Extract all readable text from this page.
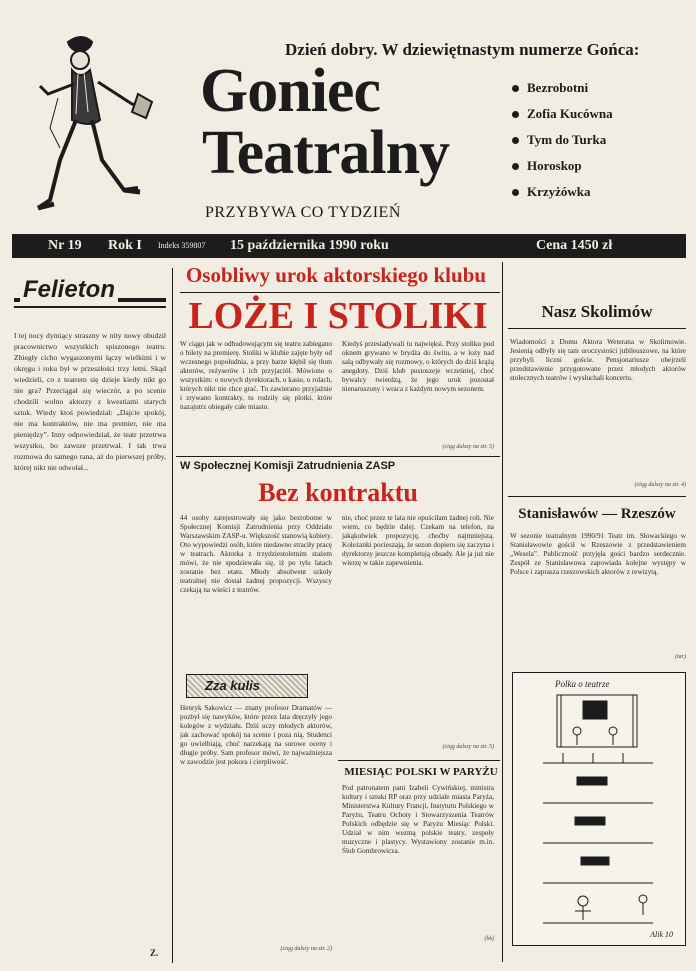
Dzień dobry. W dziewiętnastym numerze Gońca:
Goniec
Teatralny
PRZYBYWA CO TYDZIEŃ
Bezrobotni
Zofia Kucówna
Tym do Turka
Horoskop
Krzyżówka
Nr 19 Rok I Indeks 359807 15 października 1990 roku	Cena 1450 zł
Felieton
I tej nocy dymiący straszny w nity nowy obudził pracownictwo wszystkich spiszonego teatru. Zbiegły cicho wygaszonymi łączy wielkimi i w okręgu i roku był w przeszłości trzy letni. Skąd wiedzieli, co z teatrem się dzieje kiedy nikt go nie gra? Przeciągał się wieczór, a po scenie chodzili wolno aktorzy z kwestiami starych sztuk. Wtedy ktoś powiedział: „Dajcie spokój, nie ma kontraktów, nie ma premier, nie ma pieniędzy”. Inny odpowiedział, że teatr przetrwa wszystko, bo zawsze przetrwał. I tak trwa rozmowa do samego rana, aż do pierwszej próby, której nikt nie odwołał...
Z.
Osobliwy urok aktorskiego klubu
LOŻE I STOLIKI
W ciągu jak w odbudowującym się teatru zabiegano o bilety na premierę. Stoliki w klubie zajęte były od wczesnego popołudnia, a przy barze kłębił się tłum aktorów, reżyserów i ich przyjaciół. Mówiono o wszystkim: o nowych dyrektorach, o kasie, o rolach, których nikt nie chce grać. Tu zawierano przyjaźnie i zrywano kontrakty, tu rodziły się plotki, które nazajutrz obiegały całe miasto.
Kiedyś przesiadywali tu najwięksi. Przy stoliku pod oknem grywano w brydża do świtu, a w loży nad salą odbywały się rozmowy, o których do dziś krążą anegdoty. Dziś klub pustoszeje wcześniej, choć bywalcy twierdzą, że jego urok pozostał nienaruszony i wraca z każdym nowym sezonem.
(ciąg dalszy na str. 5)
W Społecznej Komisji Zatrudnienia ZASP
Bez kontraktu
44 osoby zarejestrowały się jako bezrobotne w Społecznej Komisji Zatrudnienia przy Oddziale Warszawskim ZASP-u. Większość stanowią kobiety. Oto wypowiedzi osób, które niedawno straciły pracę w teatrach. Aktorka z trzydziestoletnim stażem mówi, że nie spodziewała się, iż po tylu latach zostanie bez etatu. Młody absolwent szkoły teatralnej nie dostał żadnej propozycji. Wszyscy czekają na wieści z teatrów.
nie, choć przez te lata nie opuściłam żadnej roli. Nie wiem, co będzie dalej. Czekam na telefon, na jakąkolwiek propozycję, choćby najmniejszą. Koleżanki pocieszają, że sezon dopiero się zaczyna i dyrektorzy jeszcze kompletują obsady. Ale ja już nie wierzę w takie zapewnienia.
(ciąg dalszy na str. 5)
Zza kulis
Henryk Sakowicz — znany profesor Dramatów — pozbył się nawyków, które przez lata dręczyły jego kolegów z wydziału. Dziś uczy młodych aktorów, jak zachować spokój na scenie i poza nią. Studenci go uwielbiają, choć narzekają na surowe oceny i długie próby. Sam profesor mówi, że najważniejsza w zawodzie jest pokora i cierpliwość.
(ciąg dalszy na str. 2)
MIESIĄC POLSKI W PARYŻU
Pod patronatem pani Izabeli Cywińskiej, ministra kultury i sztuki RP oraz przy udziale miasta Paryża, Ministerstwa Kultury Francji, Instytutu Polskiego w Paryżu, Teatru Ochoty i Stowarzyszenia Teatrów Polskich odbędzie się w Paryżu Miesiąc Polski. Udział w nim wezmą polskie teatry, zespoły muzyczne i plastycy. Wystawiony zostanie m.in. Ślub Gombrowicza.
(bk)
Nasz Skolimów
Wiadomości z Domu Aktora Weterana w Skolimowie. Jesienią odbyły się tam uroczystości jubileuszowe, na które przybyli liczni goście. Pensjonariusze obejrzeli przedstawienie przygotowane przez młodych aktorów stołecznych teatrów i wysłuchali koncertu.
(ciąg dalszy na str. 4)
Stanisławów — Rzeszów
W sezonie teatralnym 1990/91 Teatr im. Słowackiego w Stanisławowie gościł w Rzeszowie z przedstawieniem „Wesela”. Publiczność przyjęła gości bardzo serdecznie. Zespół ze Stanisławowa zapowiada kolejne występy w Polsce i zaprasza rzeszowskich aktorów z rewizytą.
(tar)
Polka o teatrze
Alik 10
